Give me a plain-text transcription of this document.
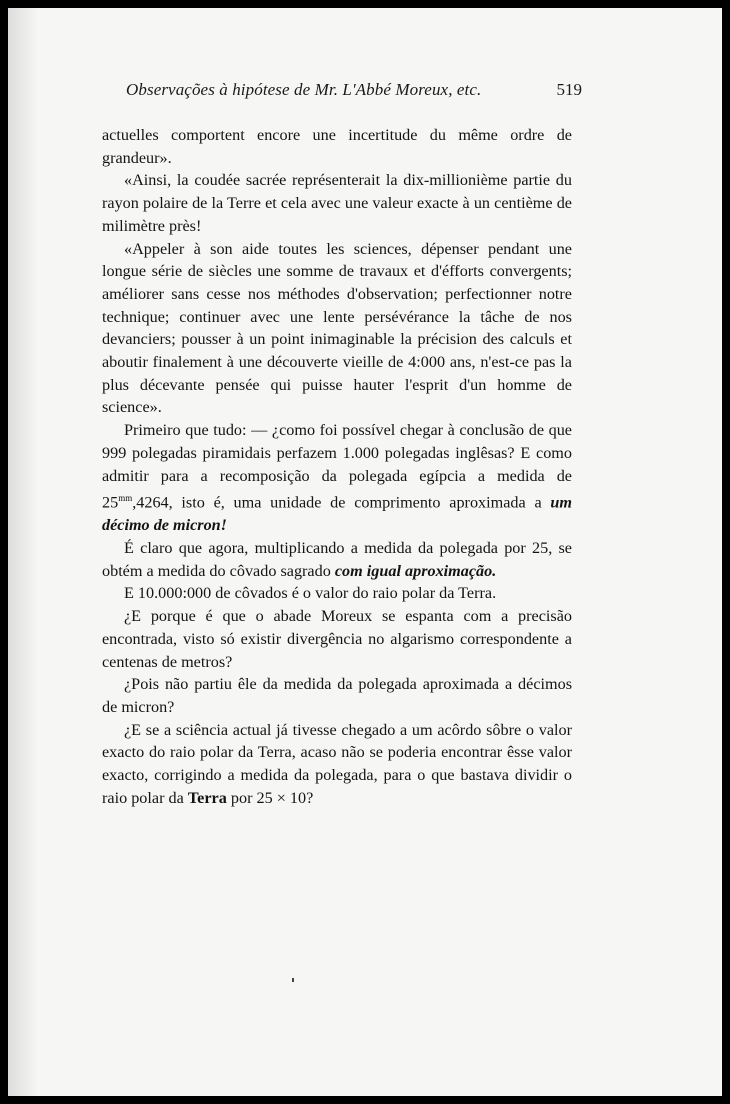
Observações à hipótese de Mr. L'Abbé Moreux, etc.	519

actuelles comportent encore une incertitude du même ordre de grandeur».

«Ainsi, la coudée sacrée représenterait la dix-millionième partie du rayon polaire de la Terre et cela avec une valeur exacte à un centième de milimètre près!

«Appeler à son aide toutes les sciences, dépenser pendant une longue série de siècles une somme de travaux et d'éfforts convergents; améliorer sans cesse nos méthodes d'observation; perfectionner notre technique; continuer avec une lente persévérance la tâche de nos devanciers; pousser à un point inimaginable la précision des calculs et aboutir finalement à une découverte vieille de 4:000 ans, n'est-ce pas la plus décevante pensée qui puisse hauter l'esprit d'un homme de science».

Primeiro que tudo: — ¿como foi possível chegar à conclusão de que 999 polegadas piramidais perfazem 1.000 polegadas inglêsas? E como admitir para a recomposição da polegada egípcia a medida de $25^{mm},4264$, isto é, uma unidade de comprimento aproximada a um décimo de micron!

É claro que agora, multiplicando a medida da polegada por 25, se obtém a medida do côvado sagrado com igual aproximação.

E 10.000:000 de côvados é o valor do raio polar da Terra.

¿E porque é que o abade Moreux se espanta com a precisão encontrada, visto só existir divergência no algarismo correspondente a centenas de metros?

¿Pois não partiu êle da medida da polegada aproximada a décimos de micron?

¿E se a sciência actual já tivesse chegado a um acôrdo sôbre o valor exacto do raio polar da Terra, acaso não se poderia encontrar êsse valor exacto, corrigindo a medida da polegada, para o que bastava dividir o raio polar da Terra por 25 × 10?
